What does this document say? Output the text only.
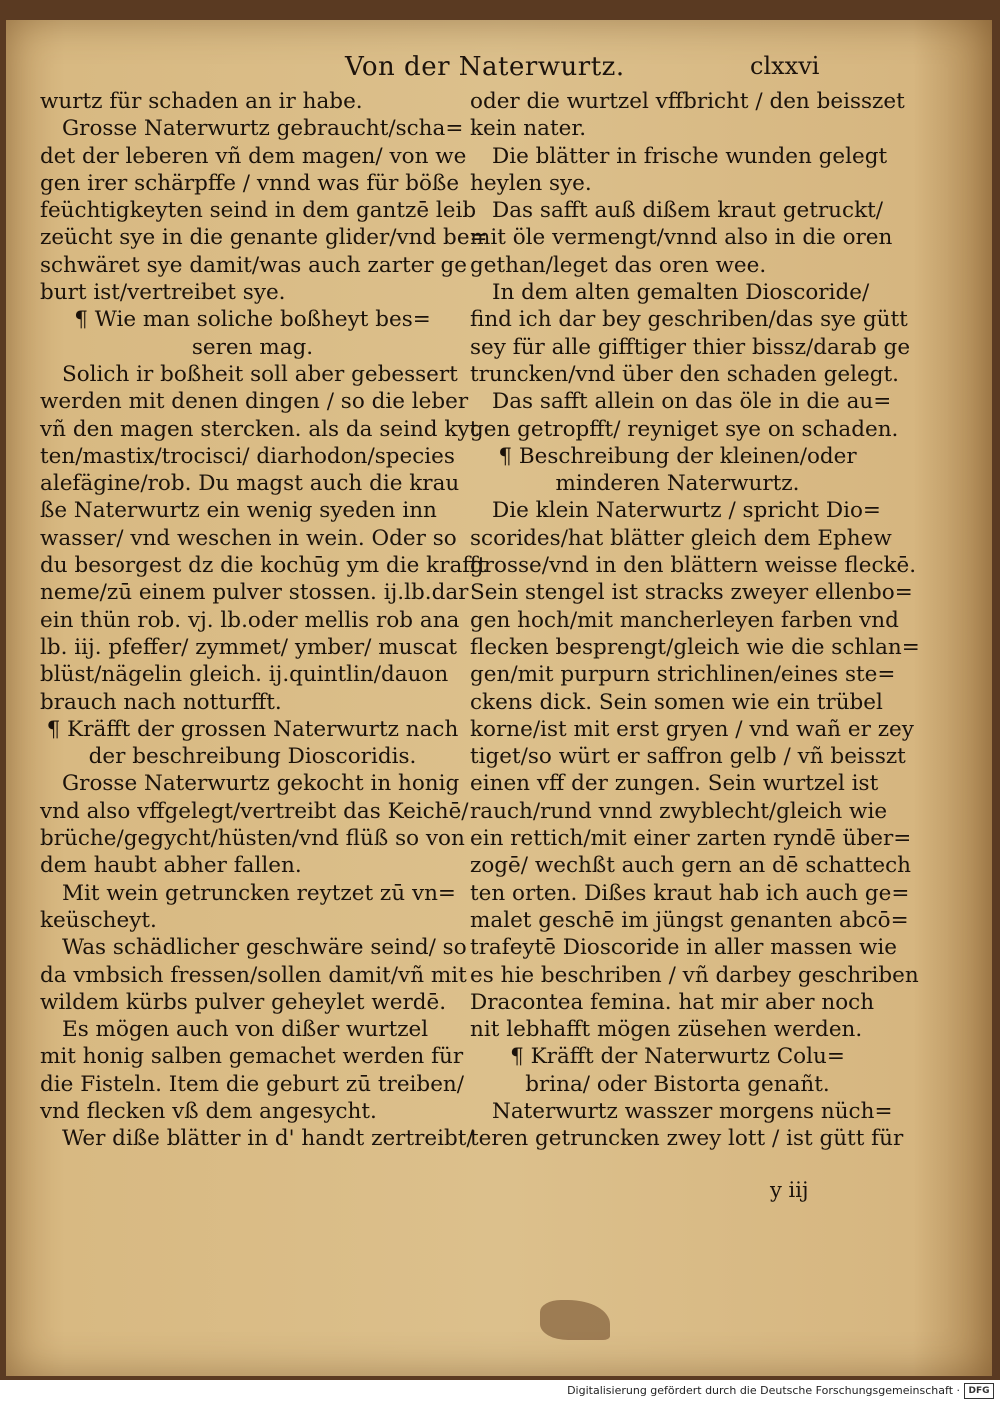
Von der Naterwurtz.	clxxvi
wurtz für schaden an ir habe.
Grosse Naterwurtz gebraucht/scha=
det der leberen vñ dem magen/ von we
gen irer schärpffe / vnnd was für böße
feüchtigkeyten seind in dem gantzē leib
zeücht sye in die genante glider/vnd be=
schwäret sye damit/was auch zarter ge
burt ist/vertreibet sye.
¶ Wie man soliche boßheyt bes=
seren mag.
Solich ir boßheit soll aber gebessert
werden mit denen dingen / so die leber
vñ den magen stercken. als da seind kyt
ten/mastix/trocisci/ diarhodon/species
alefägine/rob. Du magst auch die krau
ße Naterwurtz ein wenig syeden inn
wasser/ vnd weschen in wein. Oder so
du besorgest dz die kochūg ym die krafft
neme/zū einem pulver stossen. ij.lb.dar
ein thün rob. vj. lb.oder mellis rob ana
lb. iij. pfeffer/ zymmet/ ymber/ muscat
blüst/nägelin gleich. ij.quintlin/dauon
brauch nach notturfft.
¶ Kräfft der grossen Naterwurtz nach
der beschreibung Dioscoridis.
Grosse Naterwurtz gekocht in honig
vnd also vffgelegt/vertreibt das Keichē/
brüche/gegycht/hüsten/vnd flüß so von
dem haubt abher fallen.
Mit wein getruncken reytzet zū vn=
keüscheyt.
Was schädlicher geschwäre seind/ so
da vmbsich fressen/sollen damit/vñ mit
wildem kürbs pulver geheylet werdē.
Es mögen auch von dißer wurtzel
mit honig salben gemachet werden für
die Fisteln. Item die geburt zū treiben/
vnd flecken vß dem angesycht.
Wer diße blätter in d' handt zertreibt/
oder die wurtzel vffbricht / den beisszet
kein nater.
Die blätter in frische wunden gelegt
heylen sye.
Das safft auß dißem kraut getruckt/
mit öle vermengt/vnnd also in die oren
gethan/leget das oren wee.
In dem alten gemalten Dioscoride/
find ich dar bey geschriben/das sye gütt
sey für alle gifftiger thier bissz/darab ge
truncken/vnd über den schaden gelegt.
Das safft allein on das öle in die au=
gen getropfft/ reyniget sye on schaden.
¶ Beschreibung der kleinen/oder
minderen Naterwurtz.
Die klein Naterwurtz / spricht Dio=
scorides/hat blätter gleich dem Ephew
grosse/vnd in den blättern weisse fleckē.
Sein stengel ist stracks zweyer ellenbo=
gen hoch/mit mancherleyen farben vnd
flecken besprengt/gleich wie die schlan=
gen/mit purpurn strichlinen/eines ste=
ckens dick. Sein somen wie ein trübel
korne/ist mit erst gryen / vnd wañ er zey
tiget/so würt er saffron gelb / vñ beisszt
einen vff der zungen. Sein wurtzel ist
rauch/rund vnnd zwyblecht/gleich wie
ein rettich/mit einer zarten ryndē über=
zogē/ wechßt auch gern an dē schattech
ten orten. Dißes kraut hab ich auch ge=
malet geschē im jüngst genanten abcō=
trafeytē Dioscoride in aller massen wie
es hie beschriben / vñ darbey geschriben
Dracontea femina. hat mir aber noch
nit lebhafft mögen züsehen werden.
¶ Kräfft der Naterwurtz Colu=
brina/ oder Bistorta genañt.
Naterwurtz wasszer morgens nüch=
teren getruncken zwey lott / ist gütt für
y iij
Digitalisierung gefördert durch die Deutsche Forschungsgemeinschaft · DFG
